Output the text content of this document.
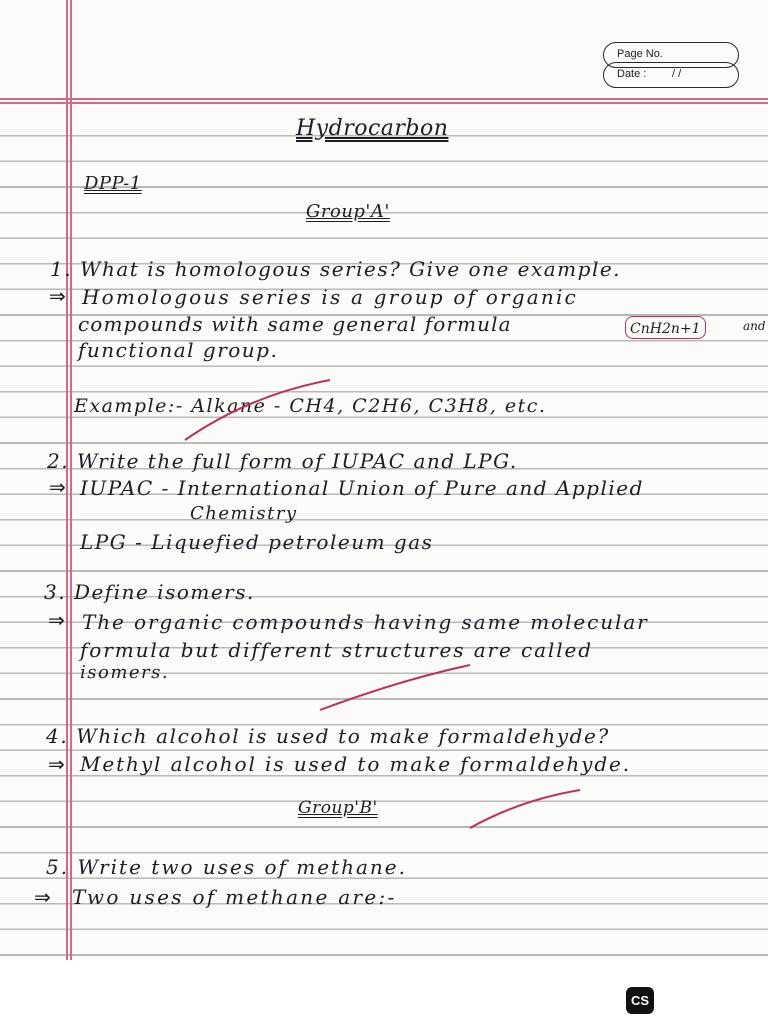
Page No.
Date : / /
Hydrocarbon
DPP-1
Group'A'
1. What is homologous series? Give one example.
⇒ Homologous series is a group of organic
compounds with same general formula	CnH2n+1	and
functional group.
Example:- Alkane - CH4, C2H6, C3H8, etc.
2. Write the full form of IUPAC and LPG.
⇒ IUPAC - International Union of Pure and Applied
Chemistry
LPG - Liquefied petroleum gas
3. Define isomers.
⇒ The organic compounds having same molecular
formula but different structures are called
isomers.
4. Which alcohol is used to make formaldehyde?
⇒ Methyl alcohol is used to make formaldehyde.
Group'B'
5. Write two uses of methane.
⇒ Two uses of methane are:-
CS
